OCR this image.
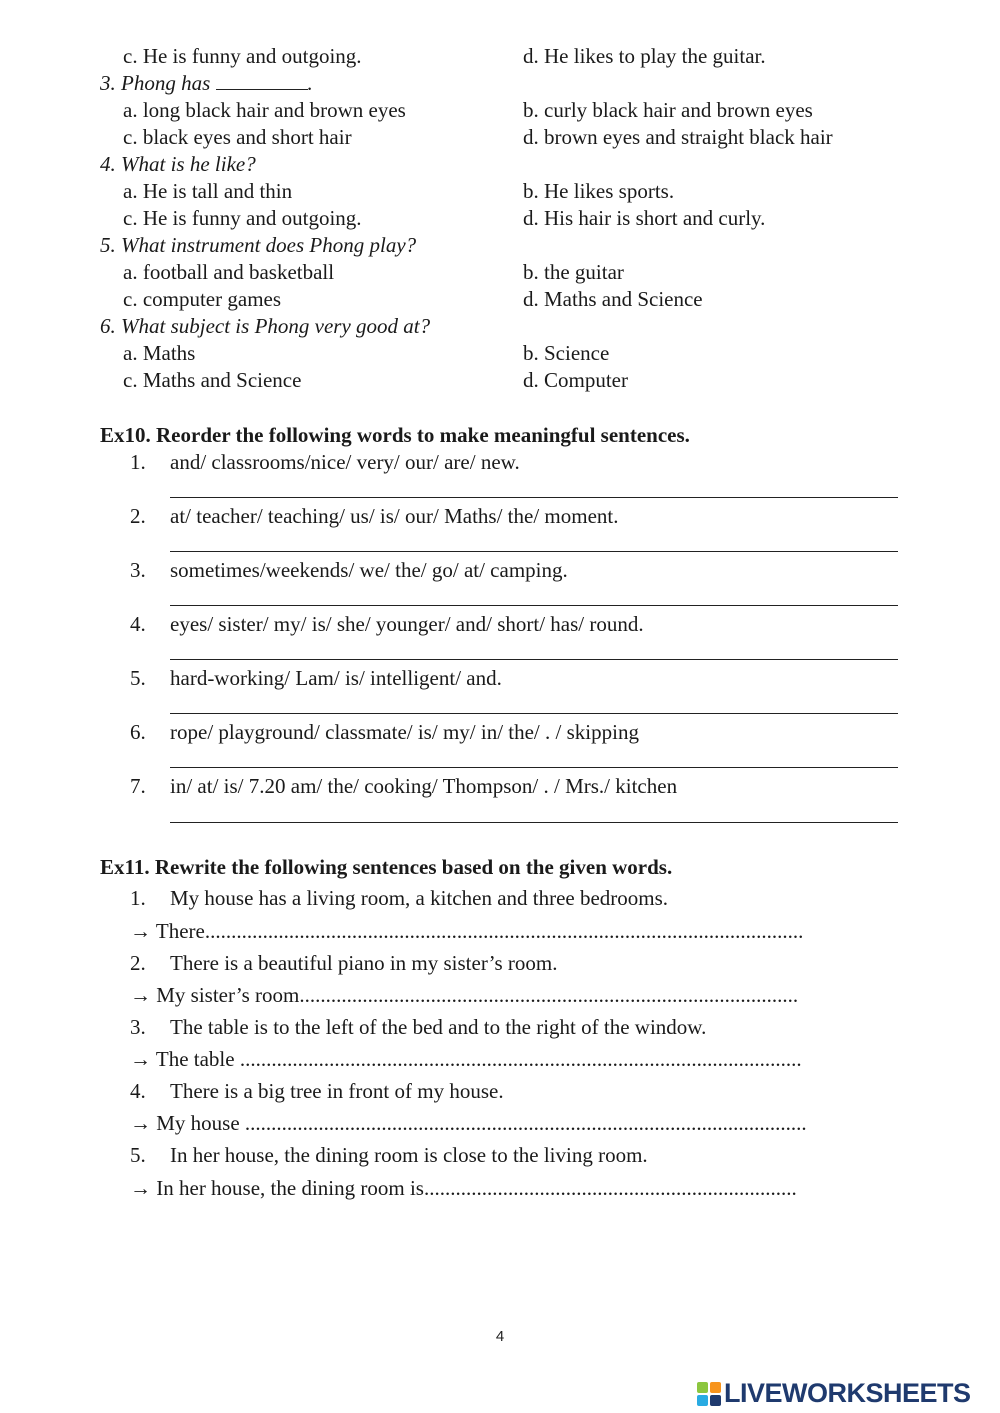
c. He is funny and outgoing.	d. He likes to play the guitar.
3. Phong has	.
a. long black hair and brown eyes	b. curly black hair and brown eyes
c. black eyes and short hair	d. brown eyes and straight black hair
4. What is he like?
a. He is tall and thin	b. He likes sports.
c. He is funny and outgoing.	d. His hair is short and curly.
5. What instrument does Phong play?
a. football and basketball	b. the guitar
c. computer games	d. Maths and Science
6. What subject is Phong very good at?
a. Maths	b. Science
c. Maths and Science	d. Computer
Ex10. Reorder the following words to make meaningful sentences.
1. and/ classrooms/nice/ very/ our/ are/ new.
2. at/ teacher/ teaching/ us/ is/ our/ Maths/ the/ moment.
3. sometimes/weekends/ we/ the/ go/ at/ camping.
4. eyes/ sister/ my/ is/ she/ younger/ and/ short/ has/ round.
5. hard-working/ Lam/ is/ intelligent/ and.
6. rope/ playground/ classmate/ is/ my/ in/ the/ . / skipping
7. in/ at/ is/ 7.20 am/ the/ cooking/ Thompson/ . / Mrs./ kitchen
Ex11. Rewrite the following sentences based on the given words.
1. My house has a living room, a kitchen and three bedrooms.
→ There..................................................................................................................
2. There is a beautiful piano in my sister’s room.
→ My sister’s room...............................................................................................
3. The table is to the left of the bed and to the right of the window.
→ The table ...........................................................................................................
4. There is a big tree in front of my house.
→ My house ...........................................................................................................
5. In her house, the dining room is close to the living room.
→ In her house, the dining room is.......................................................................
4
LIVEWORKSHEETS
